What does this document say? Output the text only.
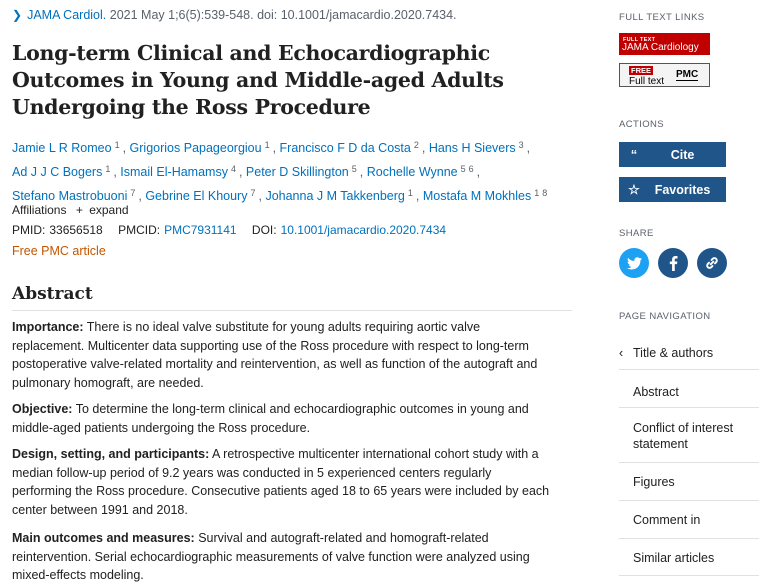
❯ JAMA Cardiol. 2021 May 1;6(5):539-548. doi: 10.1001/jamacardio.2020.7434.
Long-term Clinical and Echocardiographic Outcomes in Young and Middle-aged Adults Undergoing the Ross Procedure
Jamie L R Romeo $^1$ , Grigorios Papageorgiou $^1$ , Francisco F D da Costa $^2$ , Hans H Sievers $^3$ , Ad J J C Bogers $^1$ , Ismail El-Hamamsy $^4$ , Peter D Skillington $^5$ , Rochelle Wynne $^{5 6}$ , Stefano Mastrobuoni $^7$ , Gebrine El Khoury $^7$ , Johanna J M Takkenberg $^1$ , Mostafa M Mokhles $^{1 8}$
Affiliations + expand
PMID: 33656518 PMCID: PMC7931141 DOI: 10.1001/jamacardio.2020.7434
Free PMC article
Abstract

Importance: There is no ideal valve substitute for young adults requiring aortic valve replacement. Multicenter data supporting use of the Ross procedure with respect to long-term postoperative valve-related mortality and reintervention, as well as function of the autograft and pulmonary homograft, are needed.

Objective: To determine the long-term clinical and echocardiographic outcomes in young and middle-aged patients undergoing the Ross procedure.

Design, setting, and participants: A retrospective multicenter international cohort study with a median follow-up period of 9.2 years was conducted in 5 experienced centers regularly performing the Ross procedure. Consecutive patients aged 18 to 65 years were included by each center between 1991 and 2018.

Main outcomes and measures: Survival and autograft-related and homograft-related reintervention. Serial echocardiographic measurements of valve function were analyzed using mixed-effects modeling.

FULL TEXT LINKS
FULL TEXT
JAMA Cardiology
FREE
Full text
PMC
ACTIONS
“	Cite
☆	Favorites
SHARE
PAGE NAVIGATION
‹ Title & authors
Abstract
Conflict of interest statement
Figures
Comment in
Similar articles
